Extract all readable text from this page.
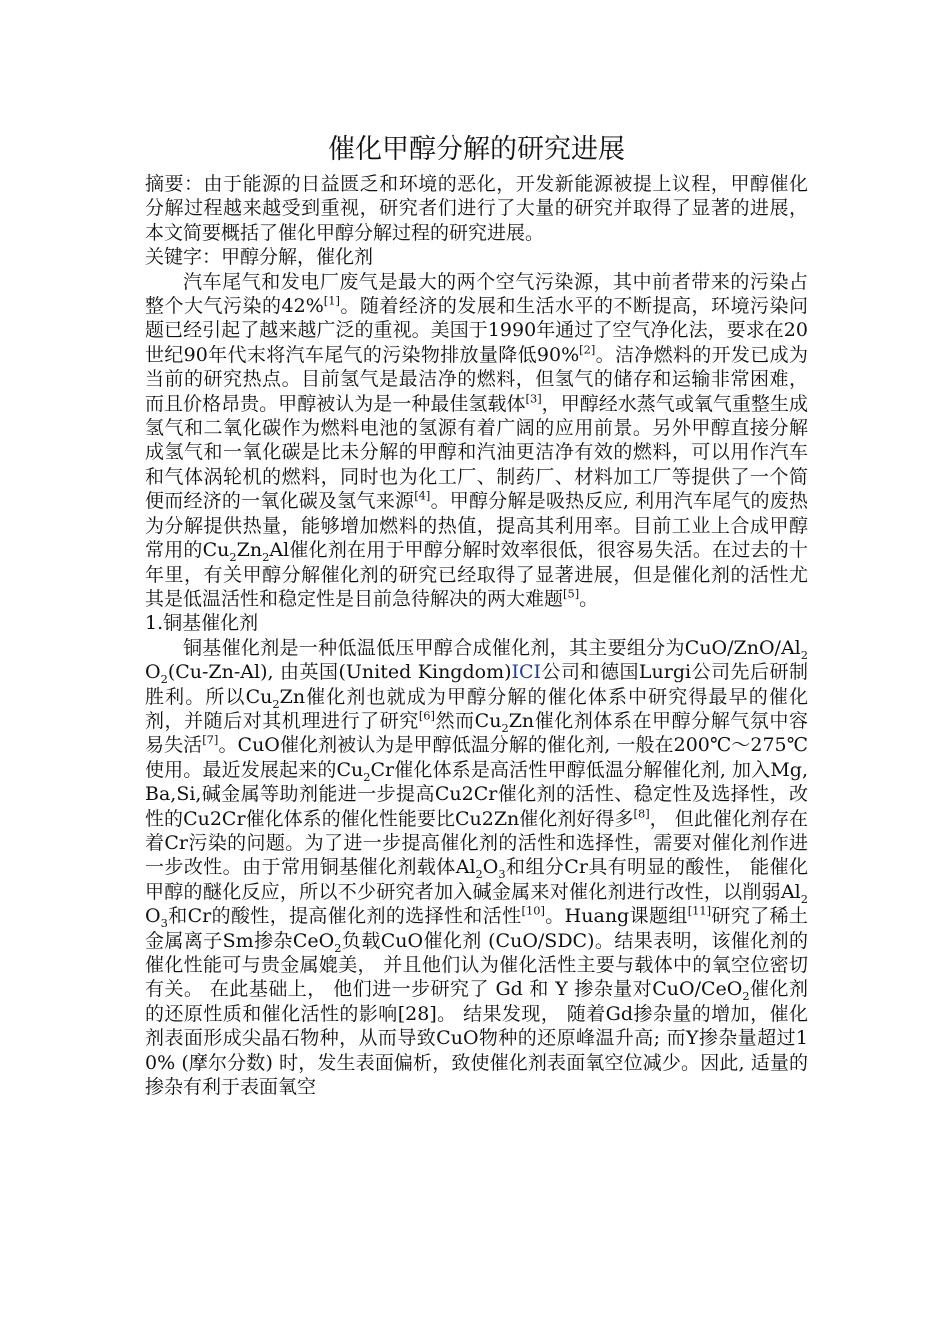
催化甲醇分解的研究进展

摘要：由于能源的日益匮乏和环境的恶化，开发新能源被提上议程，甲醇催化分解过程越来越受到重视，研究者们进行了大量的研究并取得了显著的进展，本文简要概括了催化甲醇分解过程的研究进展。

关键字：甲醇分解，催化剂

汽车尾气和发电厂废气是最大的两个空气污染源，其中前者带来的污染占整个大气污染的42%[1]。随着经济的发展和生活水平的不断提高，环境污染问题已经引起了越来越广泛的重视。美国于1990年通过了空气净化法，要求在20世纪90年代末将汽车尾气的污染物排放量降低90%[2]。洁净燃料的开发已成为当前的研究热点。目前氢气是最洁净的燃料，但氢气的储存和运输非常困难，而且价格昂贵。甲醇被认为是一种最佳氢载体[3]，甲醇经水蒸气或氧气重整生成氢气和二氧化碳作为燃料电池的氢源有着广阔的应用前景。另外甲醇直接分解成氢气和一氧化碳是比未分解的甲醇和汽油更洁净有效的燃料，可以用作汽车和气体涡轮机的燃料，同时也为化工厂、制药厂、材料加工厂等提供了一个简便而经济的一氧化碳及氢气来源[4]。甲醇分解是吸热反应, 利用汽车尾气的废热为分解提供热量，能够增加燃料的热值，提高其利用率。目前工业上合成甲醇常用的$Cu_2Zn_2Al$催化剂在用于甲醇分解时效率很低，很容易失活。在过去的十年里，有关甲醇分解催化剂的研究已经取得了显著进展，但是催化剂的活性尤其是低温活性和稳定性是目前急待解决的两大难题[5]。

1.铜基催化剂

铜基催化剂是一种低温低压甲醇合成催化剂，其主要组分为CuO/$ZnO/Al_2O_2(Cu-Zn-Al)$, 由英国(United Kingdom)ICI公司和德国Lurgi公司先后研制胜利。所以$Cu_2Zn$催化剂也就成为甲醇分解的催化体系中研究得最早的催化剂，并随后对其机理进行了研究[6]然而$Cu_2Zn$催化剂体系在甲醇分解气氛中容易失活[7]。CuO催化剂被认为是甲醇低温分解的催化剂, 一般在200℃～275℃使用。最近发展起来的$Cu_2Cr$催化体系是高活性甲醇低温分解催化剂, 加入Mg,Ba,Si,碱金属等助剂能进一步提高Cu2Cr催化剂的活性、稳定性及选择性，改性的Cu2Cr催化体系的催化性能要比Cu2Zn催化剂好得多[8]， 但此催化剂存在着Cr污染的问题。为了进一步提高催化剂的活性和选择性，需要对催化剂作进一步改性。由于常用铜基催化剂载体$Al_2O_3$和组分Cr具有明显的酸性， 能催化甲醇的醚化反应，所以不少研究者加入碱金属来对催化剂进行改性，以削弱$Al_2O_3$和Cr的酸性，提高催化剂的选择性和活性[10]。Huang课题组[11]研究了稀土金属离子Sm掺杂CeO$_2$负载CuO催化剂 (CuO/SDC)。结果表明，该催化剂的催化性能可与贵金属媲美， 并且他们认为催化活性主要与载体中的氧空位密切有关。 在此基础上， 他们进一步研究了 Gd 和 Y 掺杂量对CuO/CeO$_2$催化剂的还原性质和催化活性的影响[28]。 结果发现， 随着Gd掺杂量的增加，催化剂表面形成尖晶石物种，从而导致CuO物种的还原峰温升高; 而Y掺杂量超过10% (摩尔分数) 时，发生表面偏析，致使催化剂表面氧空位减少。因此, 适量的掺杂有利于表面氧空
